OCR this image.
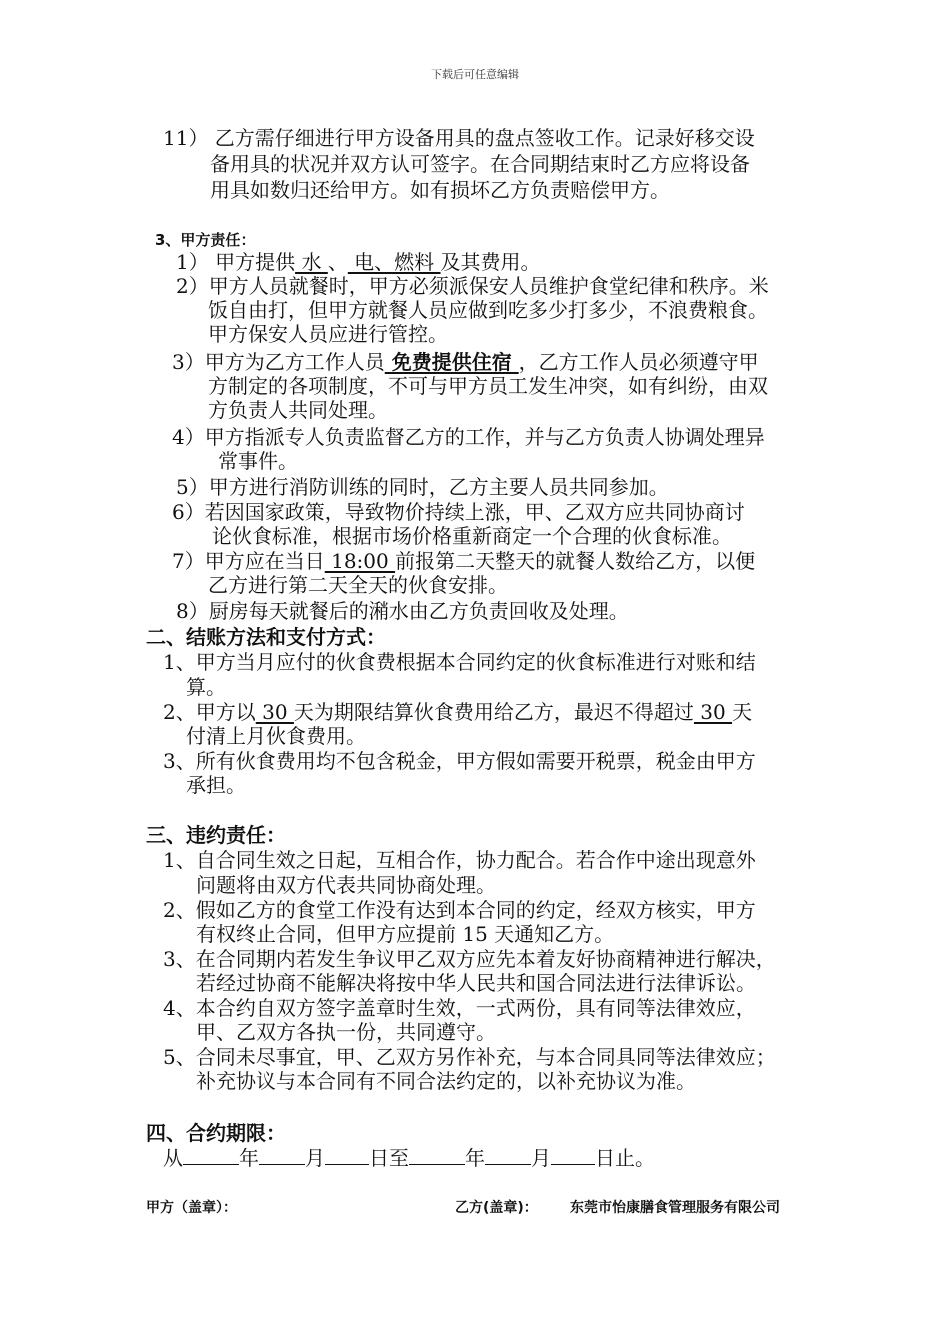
下载后可任意编辑
11） 乙方需仔细进行甲方设备用具的盘点签收工作。记录好移交设
备用具的状况并双方认可签字。在合同期结束时乙方应将设备
用具如数归还给甲方。如有损坏乙方负责赔偿甲方。
3、甲方责任：
1） 甲方提供 水 、 电、燃料 及其费用。
2）甲方人员就餐时，甲方必须派保安人员维护食堂纪律和秩序。米
饭自由打，但甲方就餐人员应做到吃多少打多少，不浪费粮食。
甲方保安人员应进行管控。
3）甲方为乙方工作人员 免费提供住宿 ，乙方工作人员必须遵守甲
方制定的各项制度，不可与甲方员工发生冲突，如有纠纷，由双
方负责人共同处理。
4）甲方指派专人负责监督乙方的工作，并与乙方负责人协调处理异
常事件。
5）甲方进行消防训练的同时，乙方主要人员共同参加。
6）若因国家政策，导致物价持续上涨，甲、乙双方应共同协商讨
论伙食标准，根据市场价格重新商定一个合理的伙食标准。
7）甲方应在当日 18:00 前报第二天整天的就餐人数给乙方，以便
乙方进行第二天全天的伙食安排。
8）厨房每天就餐后的潲水由乙方负责回收及处理。
二、结账方法和支付方式：
1、甲方当月应付的伙食费根据本合同约定的伙食标准进行对账和结
算。
2、甲方以 30 天为期限结算伙食费用给乙方，最迟不得超过 30 天
付清上月伙食费用。
3、所有伙食费用均不包含税金，甲方假如需要开税票，税金由甲方
承担。
三、违约责任：
1、自合同生效之日起，互相合作，协力配合。若合作中途出现意外
问题将由双方代表共同协商处理。
2、假如乙方的食堂工作没有达到本合同的约定，经双方核实，甲方
有权终止合同，但甲方应提前 15 天通知乙方。
3、在合同期内若发生争议甲乙双方应先本着友好协商精神进行解决，
若经过协商不能解决将按中华人民共和国合同法进行法律诉讼。
4、本合约自双方签字盖章时生效，一式两份，具有同等法律效应，
甲、乙双方各执一份，共同遵守。
5、合同未尽事宜，甲、乙双方另作补充，与本合同具同等法律效应；
补充协议与本合同有不同合法约定的，以补充协议为准。
四、合约期限：
从	年 月 日至	年 月 日止。
甲方（盖章）：	乙方(盖章)： 东莞市怡康膳食管理服务有限公司
